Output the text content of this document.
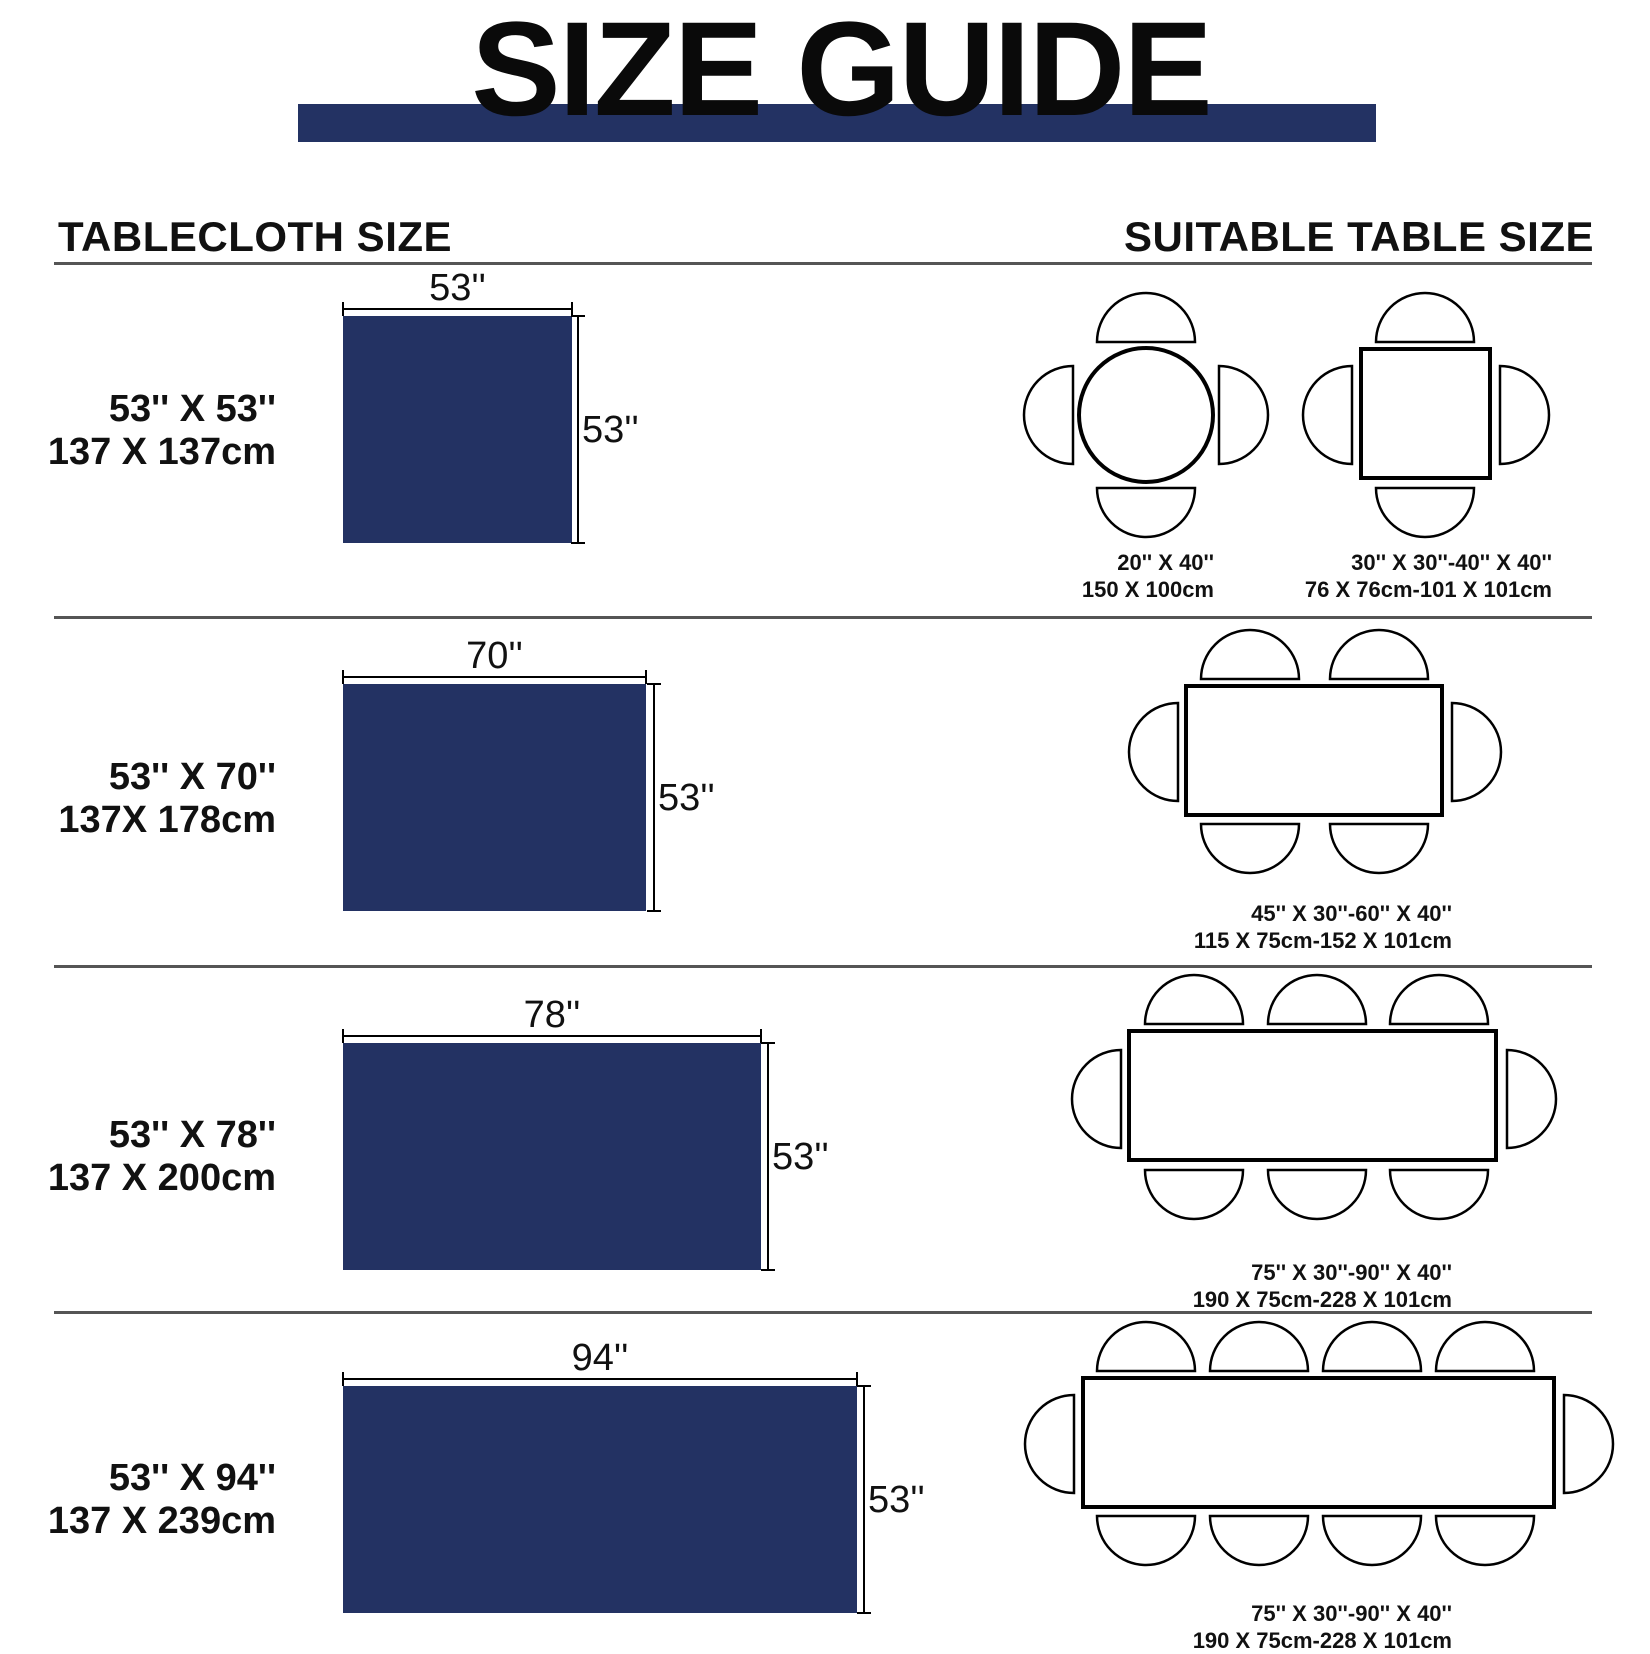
SIZE GUIDE
TABLECLOTH SIZE	SUITABLE TABLE SIZE
53'' X 53''
137 X 137cm
53''
53''
53'' X 70''
137X 178cm
70''
53''
53'' X 78''
137 X 200cm
78''
53''
53'' X 94''
137 X 239cm
94''
53''
20'' X 40''
150 X 100cm
30'' X 30''-40'' X 40''
76 X 76cm-101 X 101cm
45'' X 30''-60'' X 40''
115 X 75cm-152 X 101cm
75'' X 30''-90'' X 40''
190 X 75cm-228 X 101cm
75'' X 30''-90'' X 40''
190 X 75cm-228 X 101cm
